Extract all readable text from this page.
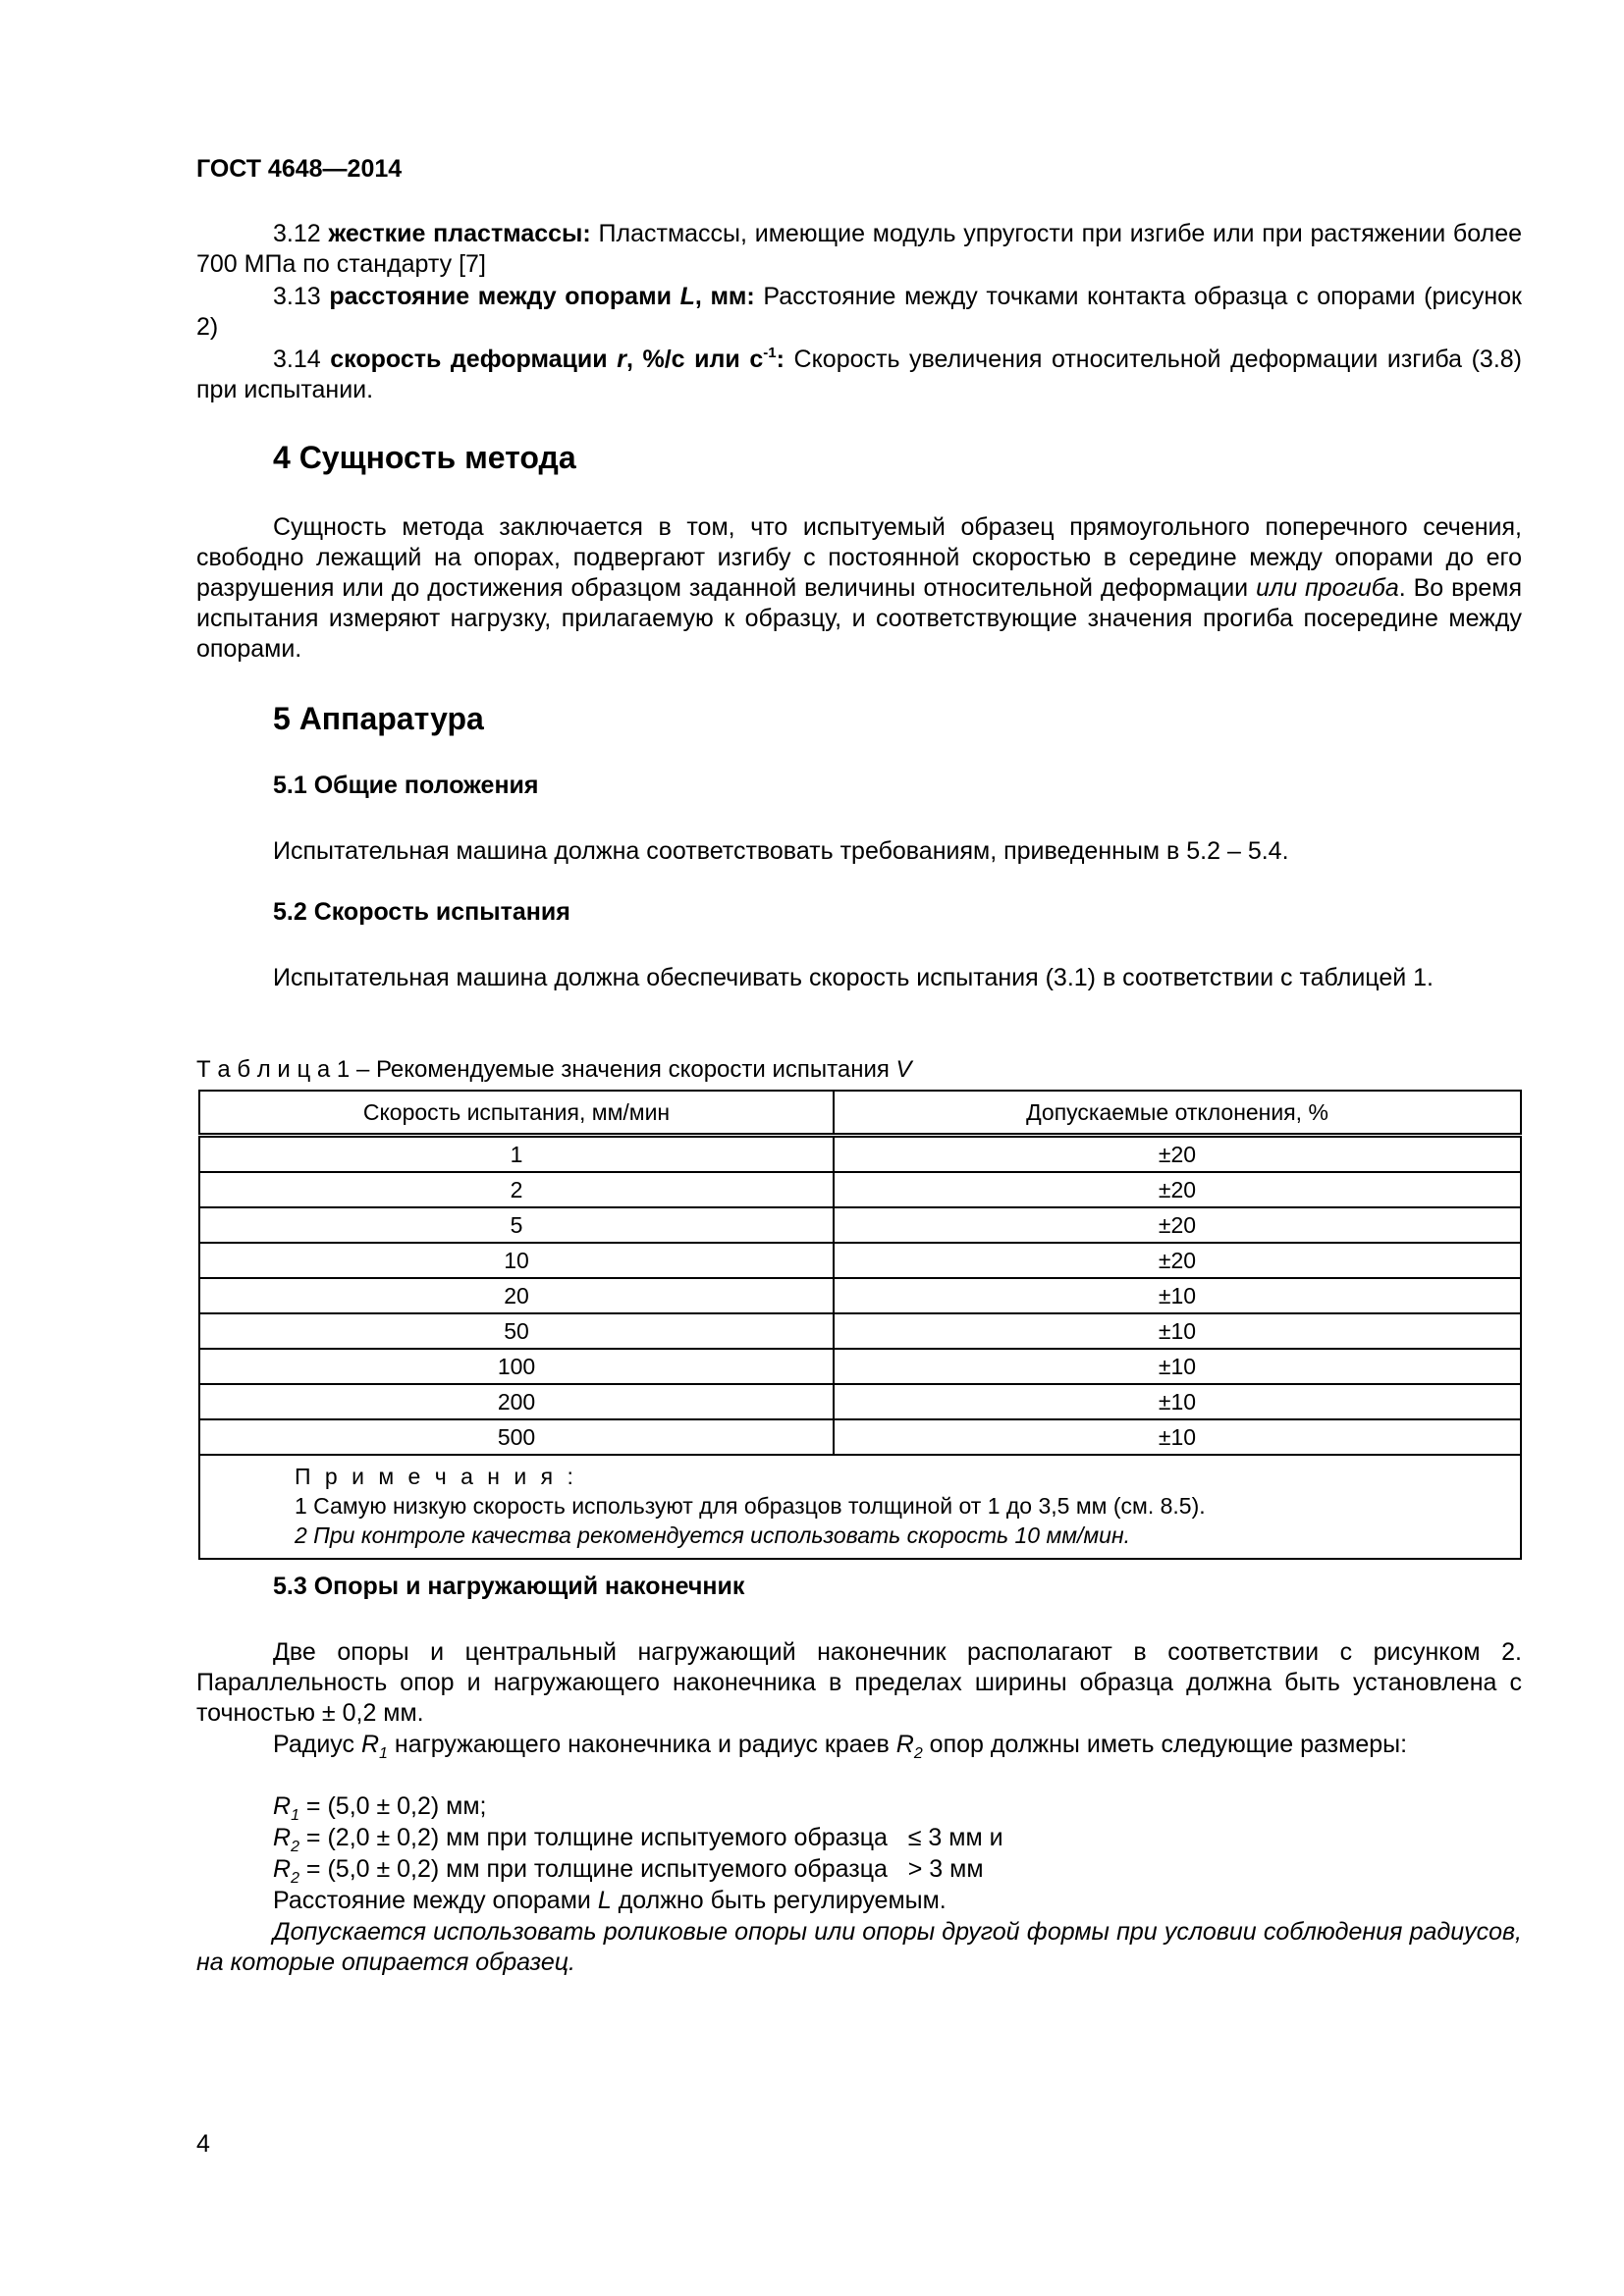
ГОСТ 4648—2014
3.12 жесткие пластмассы: Пластмассы, имеющие модуль упругости при изгибе или при растяжении более 700 МПа по стандарту [7]
3.13 расстояние между опорами L, мм: Расстояние между точками контакта образца с опорами (рисунок 2)
3.14 скорость деформации r, %/с или $с^{-1}$: Скорость увеличения относительной деформации изгиба (3.8) при испытании.
4 Сущность метода
Сущность метода заключается в том, что испытуемый образец прямоугольного поперечного сечения, свободно лежащий на опорах, подвергают изгибу с постоянной скоростью в середине между опорами до его разрушения или до достижения образцом заданной величины относительной деформации или прогиба. Во время испытания измеряют нагрузку, прилагаемую к образцу, и соответствующие значения прогиба посередине между опорами.
5 Аппаратура
5.1 Общие положения
Испытательная машина должна соответствовать требованиям, приведенным в 5.2 – 5.4.
5.2 Скорость испытания
Испытательная машина должна обеспечивать скорость испытания (3.1) в соответствии с таблицей 1.
Т а б л и ц а 1 – Рекомендуемые значения скорости испытания V
Скорость испытания, мм/мин	Допускаемые отклонения, %
1	±20
2	±20
5	±20
10	±20
20	±10
50	±10
100	±10
200	±10
500	±10

П р и м е ч а н и я :
1 Самую низкую скорость используют для образцов толщиной от 1 до 3,5 мм (см. 8.5).
2 При контроле качества рекомендуется использовать скорость 10 мм/мин.	
5.3 Опоры и нагружающий наконечник
Две опоры и центральный нагружающий наконечник располагают в соответствии с рисунком 2. Параллельность опор и нагружающего наконечника в пределах ширины образца должна быть установлена с точностью ± 0,2 мм.
Радиус $R_1$ нагружающего наконечника и радиус краев $R_2$ опор должны иметь следующие размеры:
$R_1 = (5,0 \pm 0,2)$ мм;
$R_2 = (2,0 \pm 0,2)$ мм при толщине испытуемого образца   ≤ 3 мм и
$R_2 = (5,0 \pm 0,2)$ мм при толщине испытуемого образца   > 3 мм
Расстояние между опорами L должно быть регулируемым.
Допускается использовать роликовые опоры или опоры другой формы при условии соблюдения радиусов, на которые опирается образец.
4
